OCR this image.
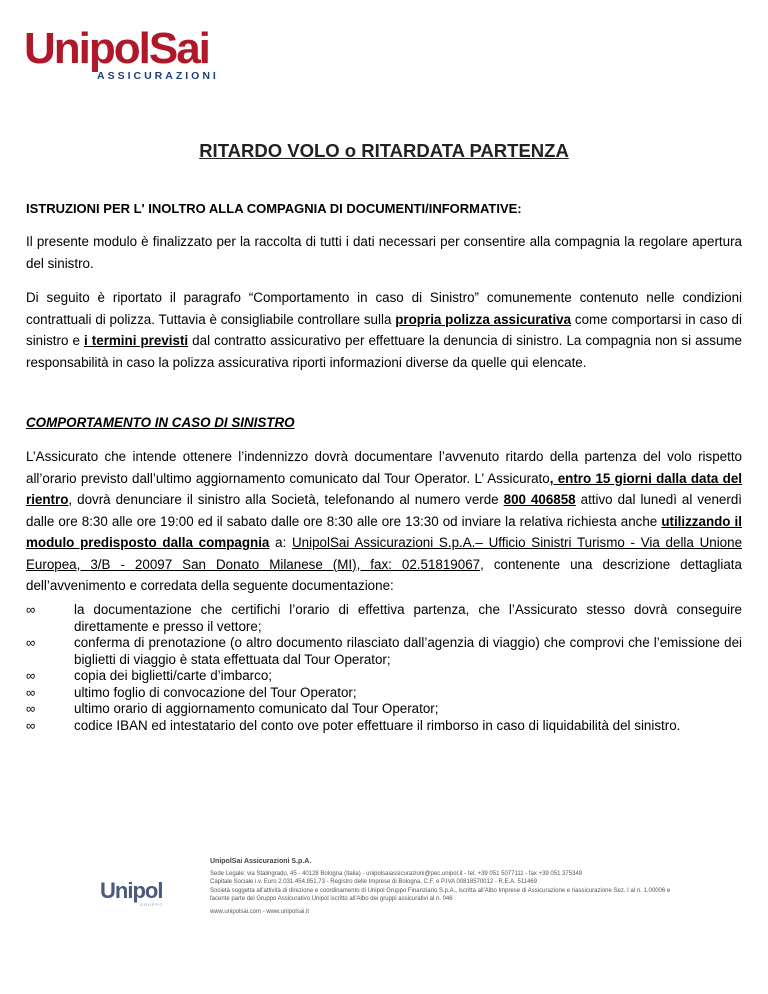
UnipolSai
ASSICURAZIONI
RITARDO VOLO o RITARDATA PARTENZA
ISTRUZIONI PER L' INOLTRO ALLA COMPAGNIA DI DOCUMENTI/INFORMATIVE:
Il presente modulo è finalizzato per la raccolta di tutti i dati necessari per consentire alla compagnia la regolare apertura del sinistro.
Di seguito è riportato il paragrafo “Comportamento in caso di Sinistro” comunemente contenuto nelle condizioni contrattuali di polizza. Tuttavia è consigliabile controllare sulla propria polizza assicurativa come comportarsi in caso di sinistro e i termini previsti dal contratto assicurativo per effettuare la denuncia di sinistro. La compagnia non si assume responsabilità in caso la polizza assicurativa riporti informazioni diverse da quelle qui elencate.
COMPORTAMENTO IN CASO DI SINISTRO
L’Assicurato che intende ottenere l’indennizzo dovrà documentare l’avvenuto ritardo della partenza del volo rispetto all’orario previsto dall’ultimo aggiornamento comunicato dal Tour Operator. L’ Assicurato, entro 15 giorni dalla data del rientro, dovrà denunciare il sinistro alla Società, telefonando al numero verde 800 406858 attivo dal lunedì al venerdì dalle ore 8:30 alle ore 19:00 ed il sabato dalle ore 8:30 alle ore 13:30 od inviare la relativa richiesta anche utilizzando il modulo predisposto dalla compagnia a: UnipolSai Assicurazioni S.p.A.– Ufficio Sinistri Turismo - Via della Unione Europea, 3/B - 20097 San Donato Milanese (MI), fax: 02.51819067, contenente una descrizione dettagliata dell’avvenimento e corredata della seguente documentazione:
∞	la documentazione che certifichi l’orario di effettiva partenza, che l’Assicurato stesso dovrà conseguire direttamente e presso il vettore;
∞	conferma di prenotazione (o altro documento rilasciato dall’agenzia di viaggio) che comprovi che l’emissione dei biglietti di viaggio è stata effettuata dal Tour Operator;
∞	copia dei biglietti/carte d’imbarco;
∞	ultimo foglio di convocazione del Tour Operator;
∞	ultimo orario di aggiornamento comunicato dal Tour Operator;
∞	codice IBAN ed intestatario del conto ove poter effettuare il rimborso in caso di liquidabilità del sinistro.
Unipol
GRUPPO
UnipolSai Assicurazioni S.p.A.
Sede Legale: via Stalingrado, 45 - 40128 Bologna (Italia) - unipolsaiassicurazioni@pec.unipol.it - tel. +39 051 5077111 - fax +39 051 375349
Capitale Sociale i.v. Euro 2.031.454.951,73 - Registro delle Imprese di Bologna, C.F. e P.IVA 00818570012 - R.E.A. 511469
Società soggetta all'attività di direzione e coordinamento di Unipol Gruppo Finanziario S.p.A., iscritta all'Albo Imprese di Assicurazione e riassicurazione Sez. I al n. 1.00006 e facente parte del Gruppo Assicurativo Unipol iscritto all'Albo dei gruppi assicurativi al n. 046
www.unipolsai.com - www.unipolsai.it
